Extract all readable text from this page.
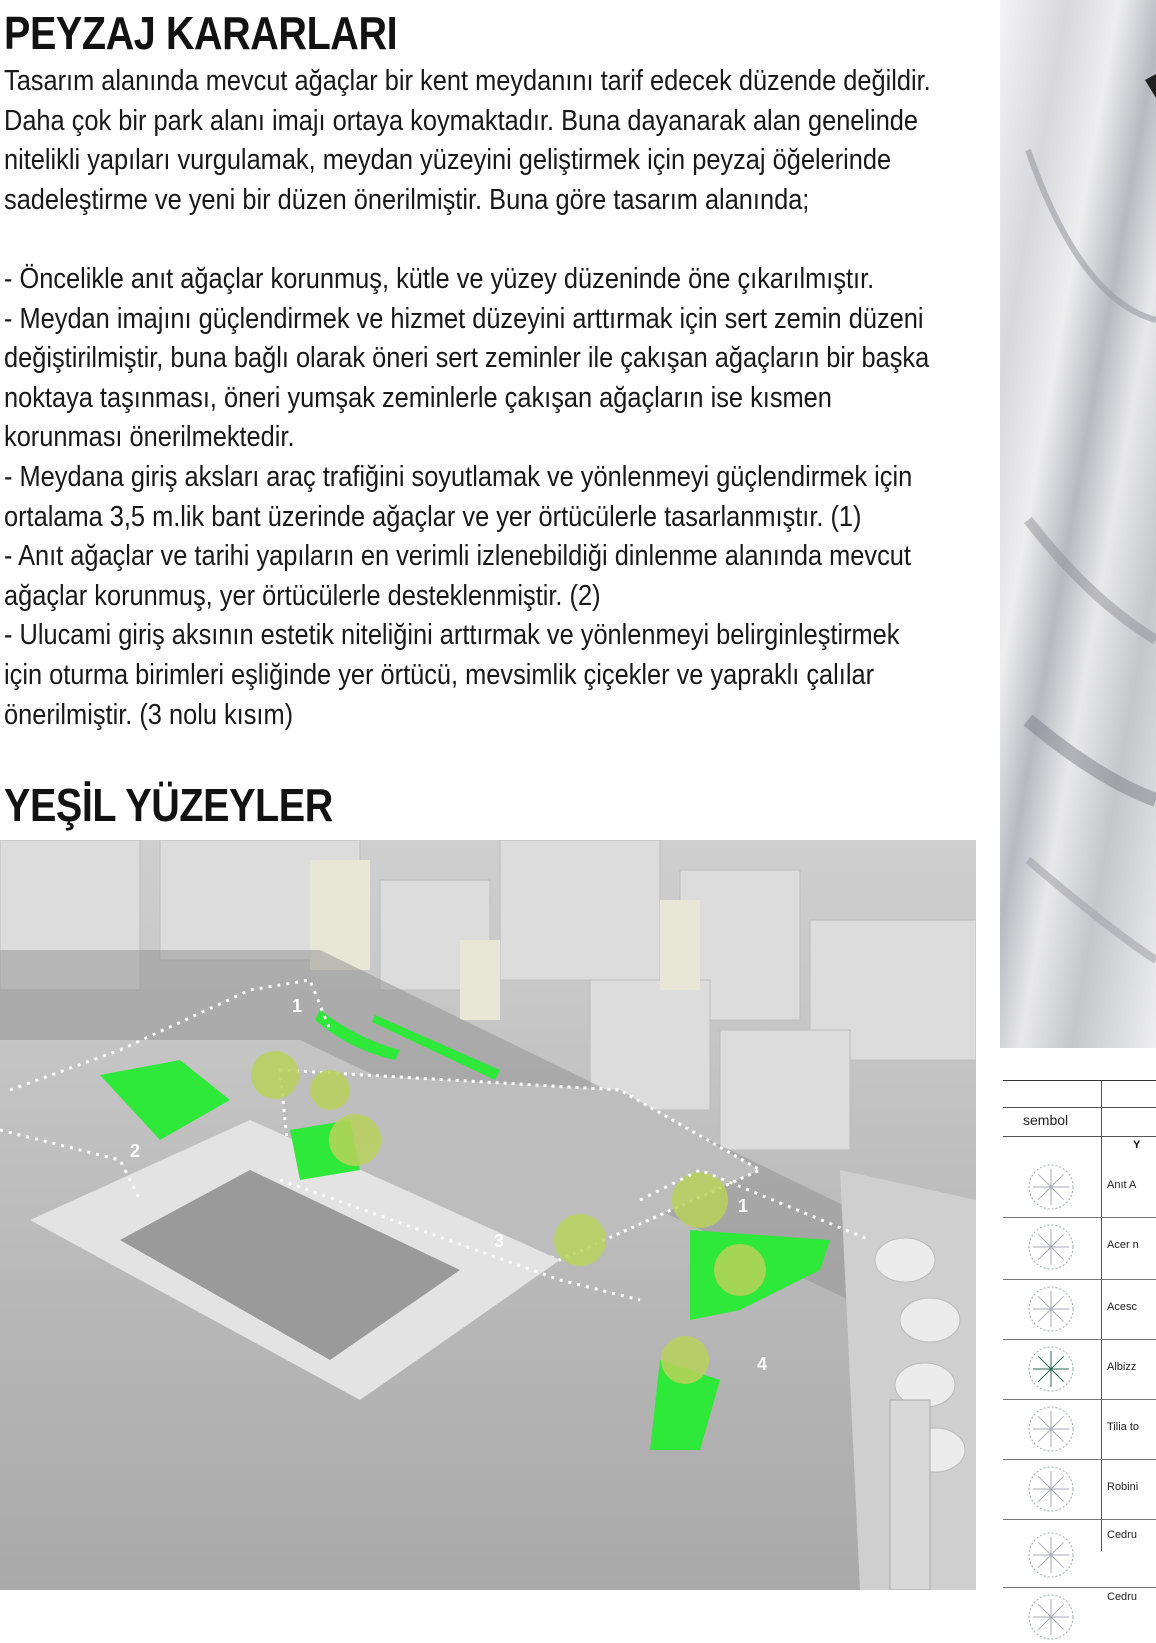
PEYZAJ KARARLARI

Tasarım alanında mevcut ağaçlar bir kent meydanını tarif edecek düzende değildir.

Daha çok bir park alanı imajı ortaya koymaktadır. Buna dayanarak alan genelinde

nitelikli yapıları vurgulamak, meydan yüzeyini geliştirmek için peyzaj öğelerinde

sadeleştirme ve yeni bir düzen önerilmiştir. Buna göre tasarım alanında;

- Öncelikle anıt ağaçlar korunmuş, kütle ve yüzey düzeninde öne çıkarılmıştır.

- Meydan imajını güçlendirmek ve hizmet düzeyini arttırmak için sert zemin düzeni

değiştirilmiştir, buna bağlı olarak öneri sert zeminler ile çakışan ağaçların bir başka

noktaya taşınması, öneri yumşak zeminlerle çakışan ağaçların ise kısmen

korunması önerilmektedir.

- Meydana giriş aksları araç trafiğini soyutlamak ve yönlenmeyi güçlendirmek için

ortalama 3,5 m.lik bant üzerinde ağaçlar ve yer örtücülerle tasarlanmıştır. (1)

- Anıt ağaçlar ve tarihi yapıların en verimli izlenebildiği dinlenme alanında mevcut

ağaçlar korunmuş, yer örtücülerle desteklenmiştir. (2)

- Ulucami giriş aksının estetik niteliğini arttırmak ve yönlenmeyi belirginleştirmek

için oturma birimleri eşliğinde yer örtücü, mevsimlik çiçekler ve yapraklı çalılar

önerilmiştir. (3 nolu kısım)

YEŞİL YÜZEYLER
sembol
Y
Anıt A
Acer n
Acesc
Albizz
Tilia to
Robini
Cedru
Cedru
1
2
1
3
4
